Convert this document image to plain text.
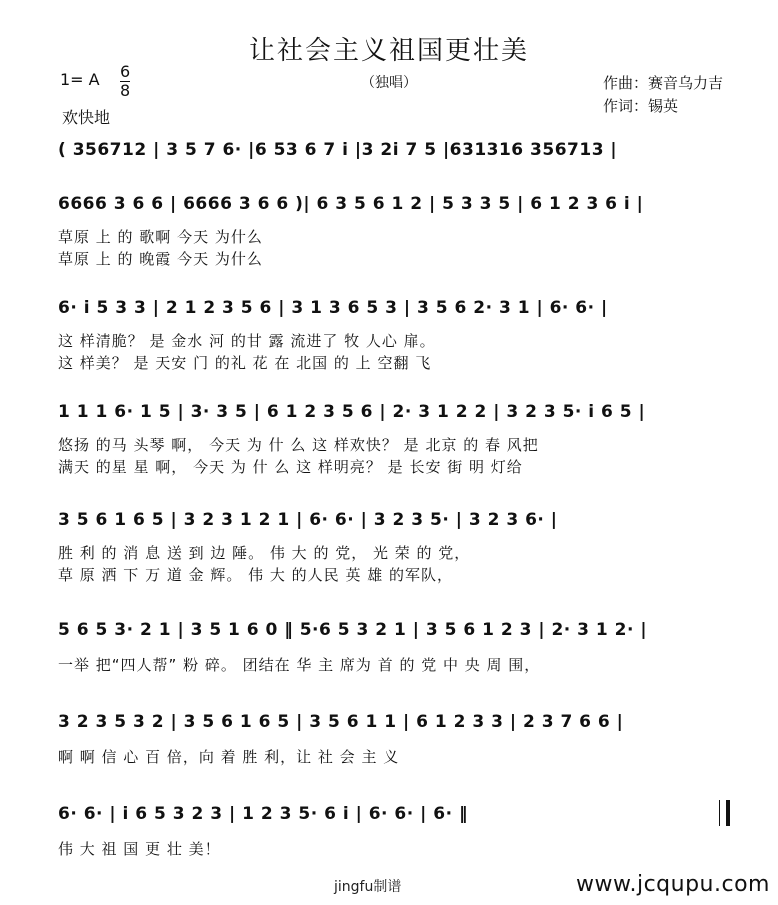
让社会主义祖国更壮美
（独唱）
1= A 6
8
欢快地
作曲：赛音乌力吉
作词：锡英
( 356712 | 3 5 7 6· |6 53 6 7 i |3 2i 7 5 |631316 356713 |
6666 3 6 6 | 6666 3 6 6 )| 6 3 5 6 1 2 | 5 3 3 5 | 6 1 2 3 6 i |
草原 上 的 歌啊 今天 为什么
草原 上 的 晚霞 今天 为什么
6· i 5 3 3 | 2 1 2 3 5 6 | 3 1 3 6 5 3 | 3 5 6 2· 3 1 | 6· 6· |
这 样清脆？ 是 金水 河 的甘 露 流进了 牧 人心 扉。
这 样美？ 是 天安 门 的礼 花 在 北国 的 上 空翻 飞
1 1 1 6· 1 5 | 3· 3 5 | 6 1 2 3 5 6 | 2· 3 1 2 2 | 3 2 3 5· i 6 5 |
悠扬 的马 头琴 啊， 今天 为 什 么 这 样欢快？ 是 北京 的 春 风把
满天 的星 星 啊， 今天 为 什 么 这 样明亮？ 是 长安 街 明 灯给
3 5 6 1 6 5 | 3 2 3 1 2 1 | 6· 6· | 3 2 3 5· | 3 2 3 6· |
胜 利 的 消 息 送 到 边 陲。 伟 大 的 党， 光 荣 的 党，
草 原 洒 下 万 道 金 辉。 伟 大 的人民 英 雄 的军队，
5 6 5 3· 2 1 | 3 5 1 6 0 ‖ 5·6 5 3 2 1 | 3 5 6 1 2 3 | 2· 3 1 2· |
一举 把“四人帮” 粉 碎。 团结在 华 主 席为 首 的 党 中 央 周 围，
3 2 3 5 3 2 | 3 5 6 1 6 5 | 3 5 6 1 1 | 6 1 2 3 3 | 2 3 7 6 6 |
啊 啊 信 心 百 倍，向 着 胜 利，让 社 会 主 义
6· 6· | i 6 5 3 2 3 | 1 2 3 5· 6 i | 6· 6· | 6· ‖
伟 大 祖 国 更 壮 美！
jingfu制谱	www.jcqupu.com
